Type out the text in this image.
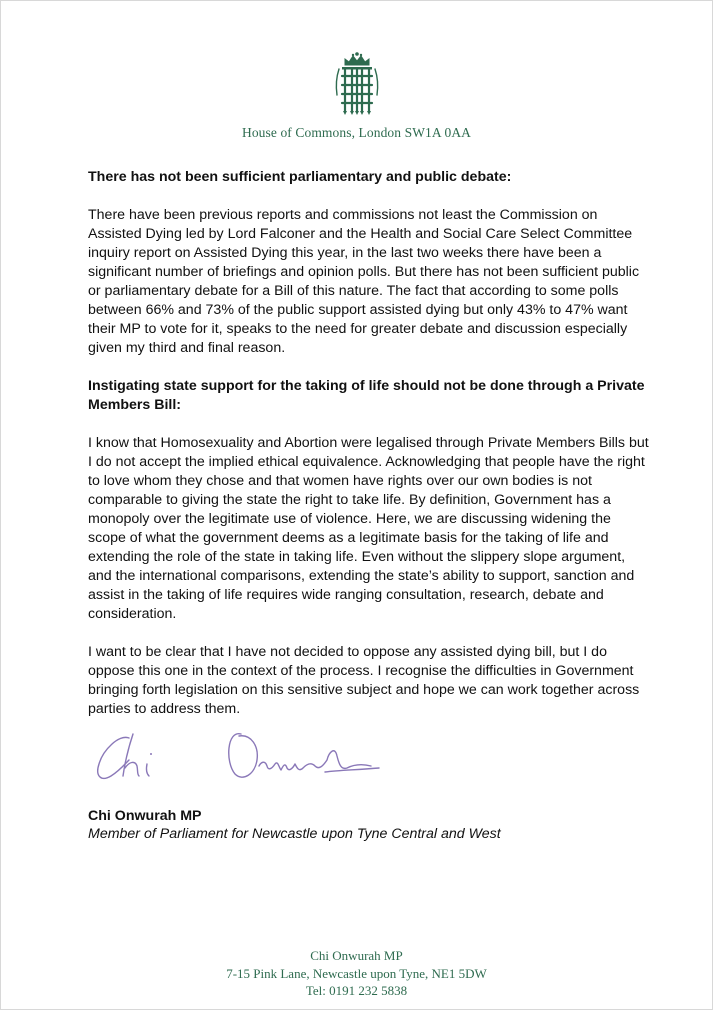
House of Commons, London SW1A 0AA

There has not been sufficient parliamentary and public debate:

There have been previous reports and commissions not least the Commission on Assisted Dying led by Lord Falconer and the Health and Social Care Select Committee inquiry report on Assisted Dying this year, in the last two weeks there have been a significant number of briefings and opinion polls. But there has not been sufficient public or parliamentary debate for a Bill of this nature. The fact that according to some polls between 66% and 73% of the public support assisted dying but only 43% to 47% want their MP to vote for it, speaks to the need for greater debate and discussion especially given my third and final reason.

Instigating state support for the taking of life should not be done through a Private Members Bill:

I know that Homosexuality and Abortion were legalised through Private Members Bills but I do not accept the implied ethical equivalence. Acknowledging that people have the right to love whom they chose and that women have rights over our own bodies is not comparable to giving the state the right to take life. By definition, Government has a monopoly over the legitimate use of violence. Here, we are discussing widening the scope of what the government deems as a legitimate basis for the taking of life and extending the role of the state in taking life. Even without the slippery slope argument, and the international comparisons, extending the state’s ability to support, sanction and assist in the taking of life requires wide ranging consultation, research, debate and consideration.

I want to be clear that I have not decided to oppose any assisted dying bill, but I do oppose this one in the context of the process. I recognise the difficulties in Government bringing forth legislation on this sensitive subject and hope we can work together across parties to address them.

Chi Onwurah MP
Member of Parliament for Newcastle upon Tyne Central and West
Chi Onwurah MP
7-15 Pink Lane, Newcastle upon Tyne, NE1 5DW
Tel: 0191 232 5838
